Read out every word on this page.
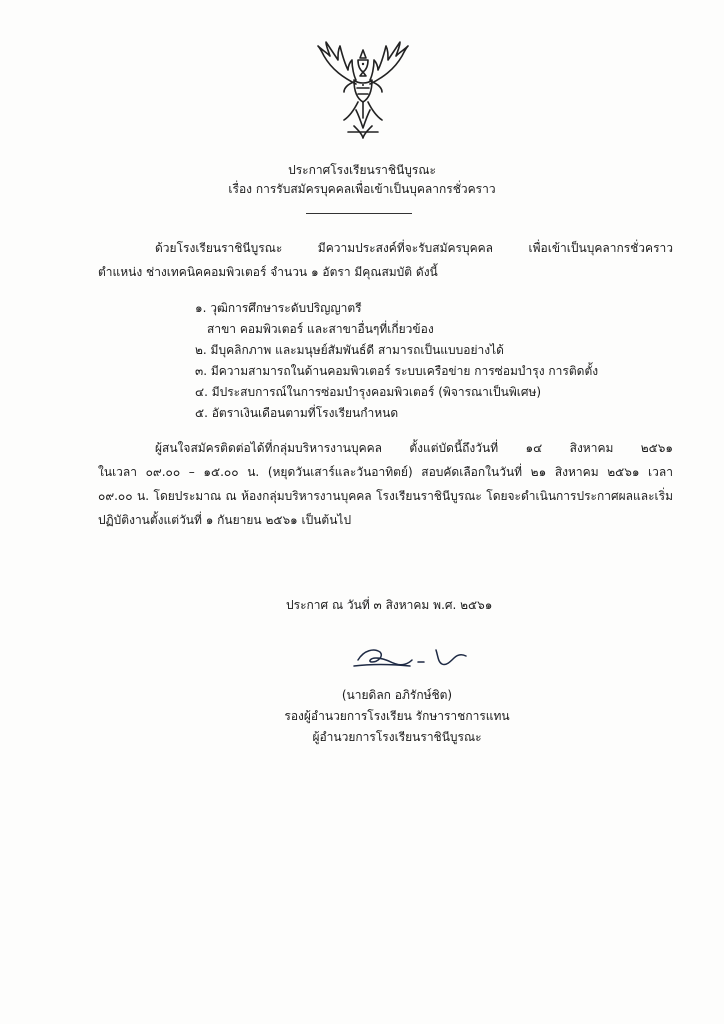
ประกาศโรงเรียนราชินีบูรณะ
เรื่อง การรับสมัครบุคคลเพื่อเข้าเป็นบุคลากรชั่วคราว
ด้วยโรงเรียนราชินีบูรณะ มีความประสงค์ที่จะรับสมัครบุคคล เพื่อเข้าเป็นบุคลากรชั่วคราว
ตำแหน่ง ช่างเทคนิคคอมพิวเตอร์ จำนวน ๑ อัตรา มีคุณสมบัติ ดังนี้
๑. วุฒิการศึกษาระดับปริญญาตรี
สาขา คอมพิวเตอร์ และสาขาอื่นๆที่เกี่ยวข้อง
๒. มีบุคลิกภาพ และมนุษย์สัมพันธ์ดี สามารถเป็นแบบอย่างได้
๓. มีความสามารถในด้านคอมพิวเตอร์ ระบบเครือข่าย การซ่อมบำรุง การติดตั้ง
๔. มีประสบการณ์ในการซ่อมบำรุงคอมพิวเตอร์ (พิจารณาเป็นพิเศษ)
๕. อัตราเงินเดือนตามที่โรงเรียนกำหนด
ผู้สนใจสมัครติดต่อได้ที่กลุ่มบริหารงานบุคคล ตั้งแต่บัดนี้ถึงวันที่ ๑๔ สิงหาคม ๒๕๖๑
ในเวลา ๐๙.๐๐ – ๑๕.๐๐ น. (หยุดวันเสาร์และวันอาทิตย์) สอบคัดเลือกในวันที่ ๒๑ สิงหาคม ๒๕๖๑ เวลา
๐๙.๐๐ น. โดยประมาณ ณ ห้องกลุ่มบริหารงานบุคคล โรงเรียนราชินีบูรณะ โดยจะดำเนินการประกาศผลและเริ่ม
ปฏิบัติงานตั้งแต่วันที่ ๑ กันยายน ๒๕๖๑ เป็นต้นไป
ประกาศ ณ วันที่ ๓ สิงหาคม พ.ศ. ๒๕๖๑
(นายดิลก อภิรักษ์ชิต)
รองผู้อำนวยการโรงเรียน รักษาราชการแทน
ผู้อำนวยการโรงเรียนราชินีบูรณะ
